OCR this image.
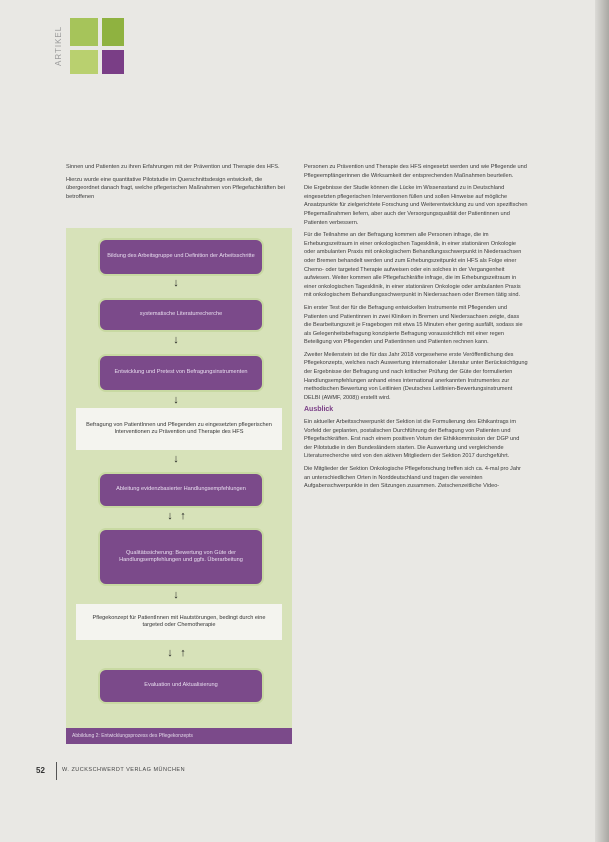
ARTIKEL

Sinnen und Patienten zu ihren Erfahrungen mit der Prävention und Therapie des HFS.

Hierzu wurde eine quantitative Pilotstudie im Querschnittsdesign entwickelt, die übergeordnet danach fragt, welche pflegerischen Maßnahmen von Pflegefachkräften bei betroffenen

Bildung des Arbeitsgruppe und Definition der Arbeitsschritte
↓
systematische Literaturrecherche
↓
Entwicklung und Pretest von Befragungsinstrumenten
↓
Befragung von PatientInnen und Pflegenden zu eingesetzten pflegerischen Interventionen zu Prävention und Therapie des HFS
↓
Ableitung evidenzbasierter Handlungsempfehlungen
↓ ↑
Qualitätssicherung: Bewertung von Güte der Handlungsempfehlungen und ggfs. Überarbeitung
↓
Pflegekonzept für PatientInnen mit Hautstörungen, bedingt durch eine targeted oder Chemotherapie
↓ ↑
Evaluation und Aktualisierung
Abbildung 2: Entwicklungsprozess des Pflegekonzepts

Personen zu Prävention und Therapie des HFS eingesetzt werden und wie Pflegende und Pflegeempfängerinnen die Wirksamkeit der entsprechenden Maßnahmen beurteilen.

Die Ergebnisse der Studie können die Lücke im Wissensstand zu in Deutschland eingesetzten pflegerischen Interventionen füllen und sollen Hinweise auf mögliche Ansatzpunkte für zielgerichtete Forschung und Weiterentwicklung zu und von spezifischen Pflegemaßnahmen liefern, aber auch der Versorgungsqualität der Patientinnen und Patienten verbessern.

Für die Teilnahme an der Befragung kommen alle Personen infrage, die im Erhebungszeitraum in einer onkologischen Tagesklinik, in einer stationären Onkologie oder ambulanten Praxis mit onkologischem Behandlungsschwerpunkt in Niedersachsen oder Bremen behandelt werden und zum Erhebungszeitpunkt ein HFS als Folge einer Chemo- oder targeted Therapie aufweisen oder ein solches in der Vergangenheit aufwiesen. Weiter kommen alle Pflegefachkräfte infrage, die im Erhebungszeitraum in einer onkologischen Tagesklinik, in einer stationären Onkologie oder ambulanten Praxis mit onkologischem Behandlungsschwerpunkt in Niedersachsen oder Bremen tätig sind.

Ein erster Test der für die Befragung entwickelten Instrumente mit Pflegenden und Patienten und Patientinnen in zwei Kliniken in Bremen und Niedersachsen zeigte, dass die Bearbeitungszeit je Fragebogen mit etwa 15 Minuten eher gering ausfällt, sodass sie als Gelegenheitsbefragung konzipierte Befragung voraussichtlich mit einer regen Beteiligung von Pflegenden und Patientinnen und Patienten rechnen kann.

Zweiter Meilenstein ist die für das Jahr 2018 vorgesehene erste Veröffentlichung des Pflegekonzepts, welches nach Auswertung internationaler Literatur unter Berücksichtigung der Ergebnisse der Befragung und nach kritischer Prüfung der Güte der formulierten Handlungsempfehlungen anhand eines international anerkannten Instrumentes zur methodischen Bewertung von Leitlinien (Deutsches Leitlinien-Bewertungsinstrument DELBI (AWMF, 2008)) erstellt wird.

Ausblick

Ein aktueller Arbeitsschwerpunkt der Sektion ist die Formulierung des Ethikantrags im Vorfeld der geplanten, postalischen Durchführung der Befragung von Patienten und Pflegefachkräften. Erst nach einem positiven Votum der Ethikkommission der DGP und der Pilotstudie in den Bundesländern starten. Die Auswertung und vergleichende Literaturrecherche wird von den aktiven Mitgliedern der Sektion 2017 durchgeführt.

Die Mitglieder der Sektion Onkologische Pflegeforschung treffen sich ca. 4-mal pro Jahr an unterschiedlichen Orten in Norddeutschland und tragen die vereinten Aufgabenschwerpunkte in den Sitzungen zusammen. Zwischenzeitliche Video-

52	W. ZUCKSCHWERDT VERLAG MÜNCHEN
